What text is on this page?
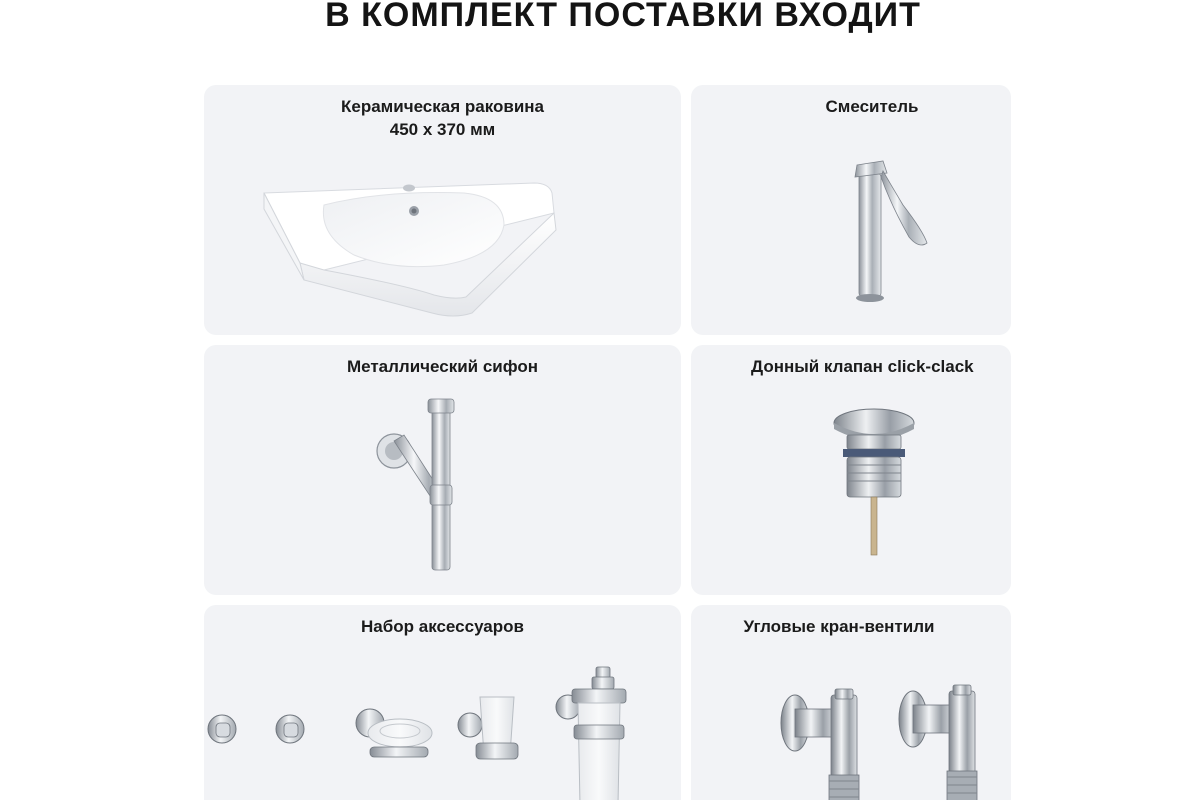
В КОМПЛЕКТ ПОСТАВКИ ВХОДИТ
Керамическая раковина
450 х 370 мм
Смеситель
Металлический сифон	Донный клапан click-clack
Набор аксессуаров	Угловые кран-вентили
